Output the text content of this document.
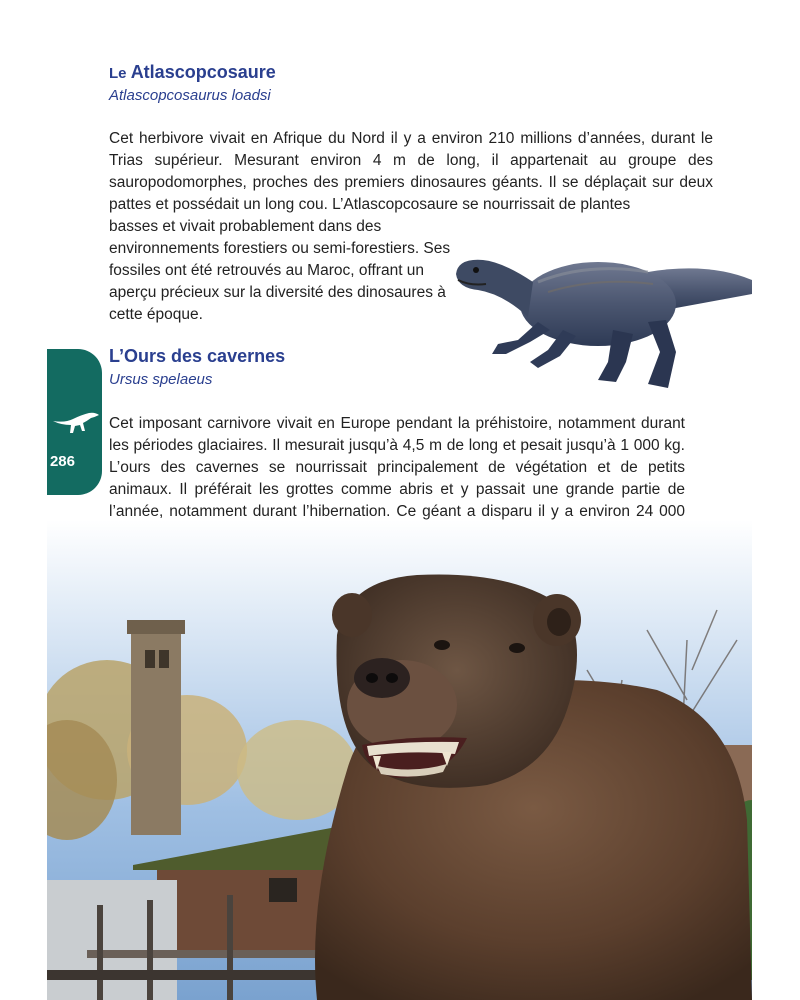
Le Atlascopcosaure

Atlascopcosaurus loadsi

Cet herbivore vivait en Afrique du Nord il y a environ 210 millions d’années, durant le Trias supérieur. Mesurant environ 4 m de long, il appartenait au groupe des sauropodomorphes, proches des premiers dinosaures géants. Il se déplaçait sur deux pattes et possédait un long cou. L’Atlascopcosaure se nourrissait de plantes

basses et vivait probablement dans des environnements forestiers ou semi-forestiers. Ses fossiles ont été retrouvés au Maroc, offrant un aperçu précieux sur la diversité des dinosaures à cette époque.

286
L’Ours des cavernes

Ursus spelaeus

Cet imposant carnivore vivait en Europe pendant la préhistoire, notamment durant les périodes glaciaires. Il mesurait jusqu’à 4,5 m de long et pesait jusqu’à 1 000 kg. L’ours des cavernes se nourrissait principalement de végétation et de petits animaux. Il préférait les grottes comme abris et y passait une grande partie de l’année, notamment durant l’hibernation. Ce géant a disparu il y a environ 24 000
